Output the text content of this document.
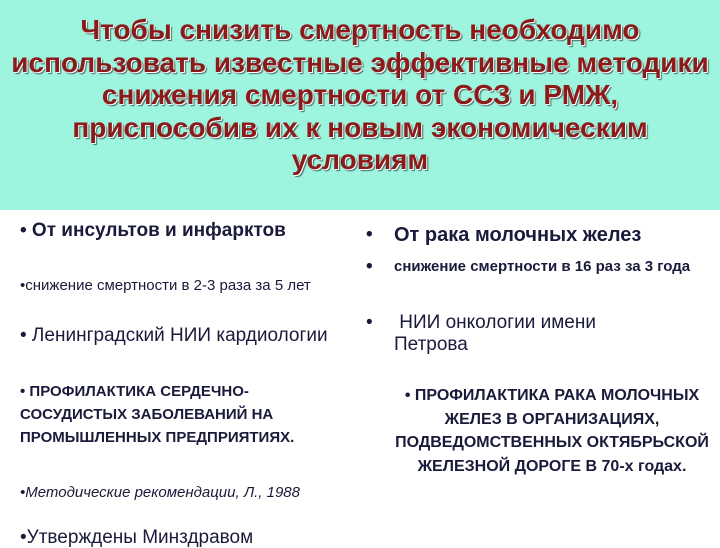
Чтобы снизить смертность необходимо использовать известные эффективные методики снижения смертности от ССЗ и РМЖ, приспособив их к новым экономическим условиям

• От инсультов и инфарктов

•снижение смертности в 2-3 раза за 5 лет

• Ленинградский НИИ кардиологии

• ПРОФИЛАКТИКА СЕРДЕЧНО-СОСУДИСТЫХ ЗАБОЛЕВАНИЙ НА ПРОМЫШЛЕННЫХ ПРЕДПРИЯТИЯХ.

•Методические рекомендации, Л., 1988

•Утверждены Минздравом

•	От рака молочных желез
•	снижение смертности в 16 раз за 3 года
•	НИИ онкологии имени Петрова

• ПРОФИЛАКТИКА РАКА МОЛОЧНЫХ ЖЕЛЕЗ В ОРГАНИЗАЦИЯХ, ПОДВЕДОМСТВЕННЫХ ОКТЯБРЬСКОЙ ЖЕЛЕЗНОЙ ДОРОГЕ В 70-х годах.
